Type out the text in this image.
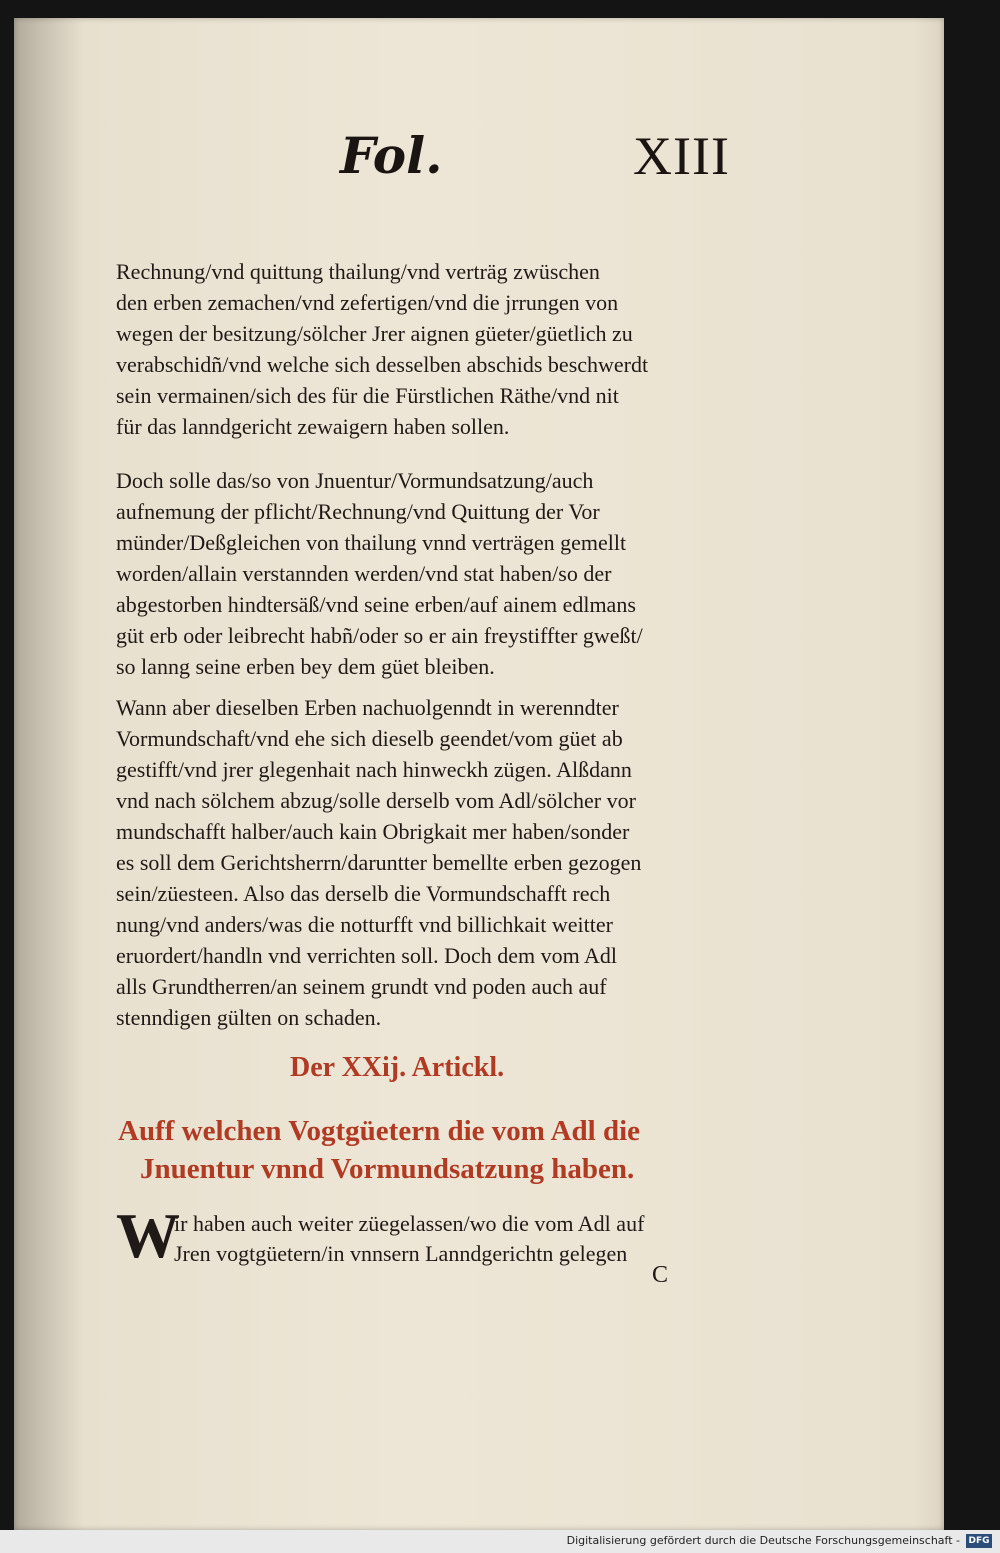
Fol.	XIII
Rechnung/vnd quittung thailung/vnd verträg zwüschen
den erben zemachen/vnd zefertigen/vnd die jrrungen von
wegen der besitzung/sölcher Jrer aignen güeter/güetlich zu
verabschidñ/vnd welche sich desselben abschids beschwerdt
sein vermainen/sich des für die Fürstlichen Räthe/vnd nit
für das lanndgericht zewaigern haben sollen.
Doch solle das/so von Jnuentur/Vormundsatzung/auch
aufnemung der pflicht/Rechnung/vnd Quittung der Vor
münder/Deßgleichen von thailung vnnd verträgen gemellt
worden/allain verstannden werden/vnd stat haben/so der
abgestorben hindtersäß/vnd seine erben/auf ainem edlmans
güt erb oder leibrecht habñ/oder so er ain freystiffter gweßt/
so lanng seine erben bey dem güet bleiben.
Wann aber dieselben Erben nachuolgenndt in werenndter
Vormundschaft/vnd ehe sich dieselb geendet/vom güet ab
gestifft/vnd jrer glegenhait nach hinweckh zügen. Alßdann
vnd nach sölchem abzug/solle derselb vom Adl/sölcher vor
mundschafft halber/auch kain Obrigkait mer haben/sonder
es soll dem Gerichtsherrn/daruntter bemellte erben gezogen
sein/züesteen. Also das derselb die Vormundschafft rech
nung/vnd anders/was die notturfft vnd billichkait weitter
eruordert/handln vnd verrichten soll. Doch dem vom Adl
alls Grundtherren/an seinem grundt vnd poden auch auf
stenndigen gülten on schaden.
Der XXij. Artickl.
Auff welchen Vogtgüetern die vom Adl die
Jnuentur vnnd Vormundsatzung haben.
W
ir haben auch weiter züegelassen/wo die vom Adl auf
Jren vogtgüetern/in vnnsern Lanndgerichtn gelegen
C
Digitalisierung gefördert durch die Deutsche Forschungsgemeinschaft - DFG
